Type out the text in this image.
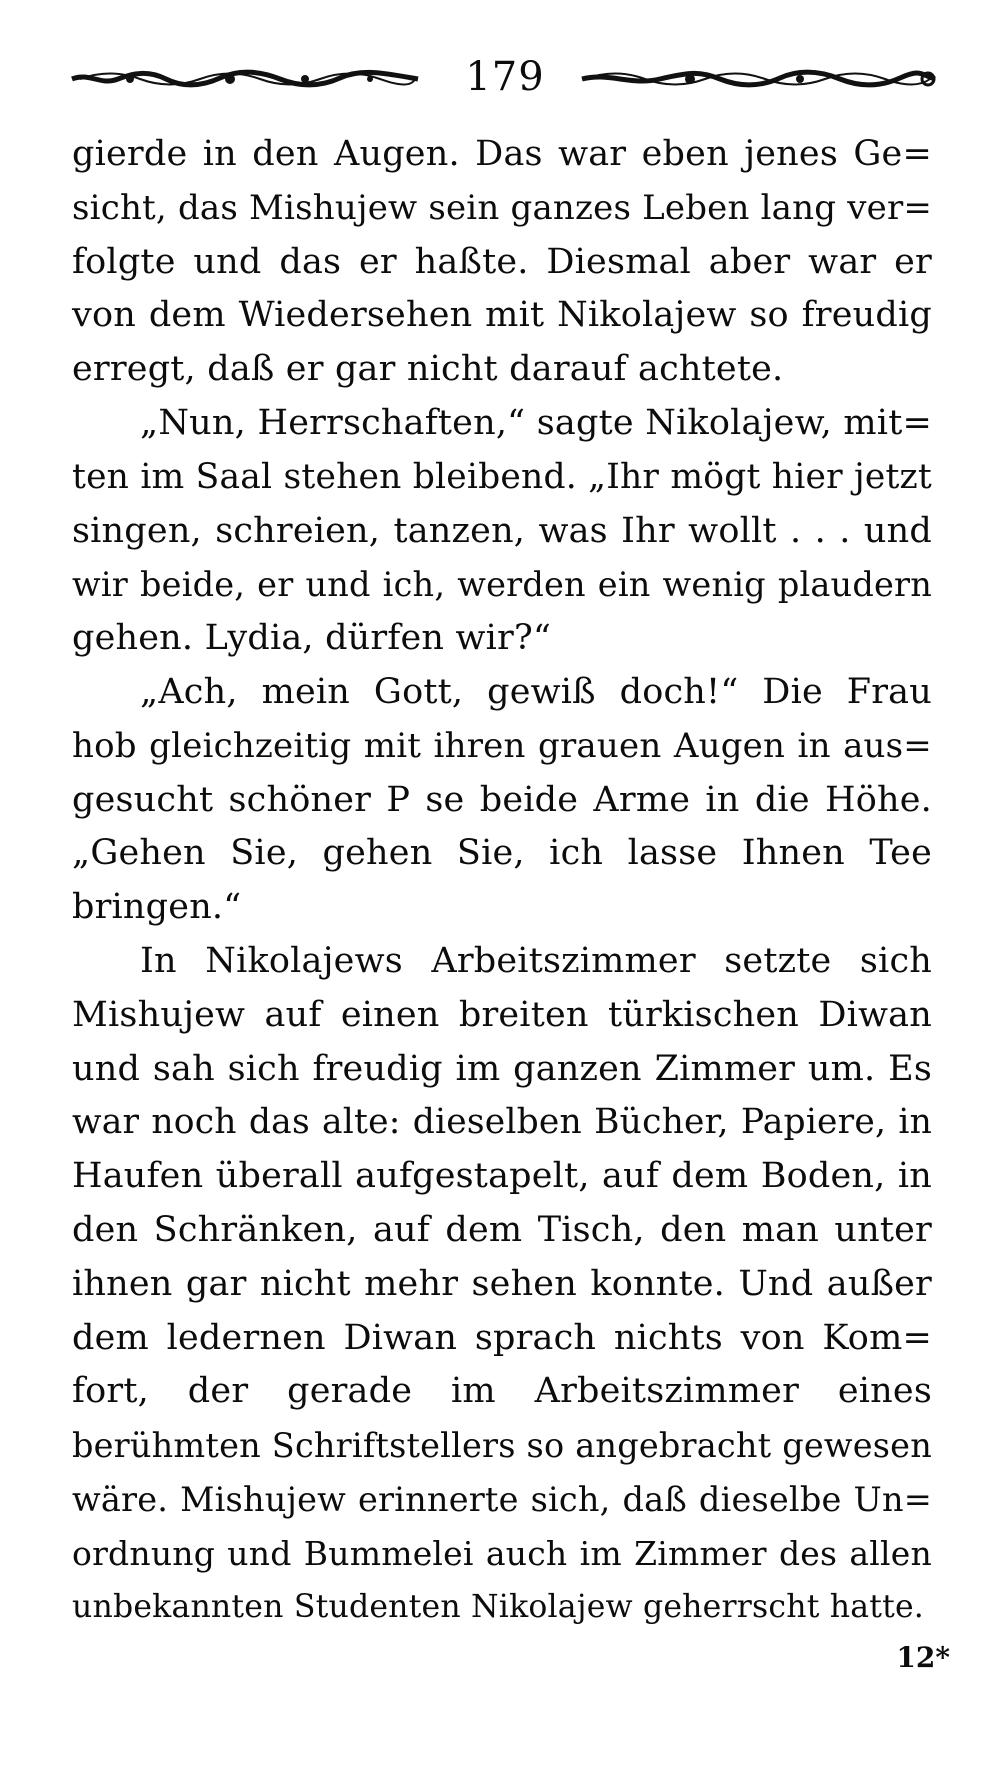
179
gierde in den Augen. Das war eben jenes Ge=
sicht, das Mishujew sein ganzes Leben lang ver=
folgte und das er haßte. Diesmal aber war er
von dem Wiedersehen mit Nikolajew so freudig
erregt, daß er gar nicht darauf achtete.
„Nun, Herrschaften,“ sagte Nikolajew, mit=
ten im Saal stehen bleibend. „Ihr mögt hier jetzt
singen, schreien, tanzen, was Ihr wollt . . . und
wir beide, er und ich, werden ein wenig plaudern
gehen. Lydia, dürfen wir?“
„Ach, mein Gott, gewiß doch!“ Die Frau
hob gleichzeitig mit ihren grauen Augen in aus=
gesucht schöner P se beide Arme in die Höhe.
„Gehen Sie, gehen Sie, ich lasse Ihnen Tee
bringen.“
In Nikolajews Arbeitszimmer setzte sich
Mishujew auf einen breiten türkischen Diwan
und sah sich freudig im ganzen Zimmer um. Es
war noch das alte: dieselben Bücher, Papiere, in
Haufen überall aufgestapelt, auf dem Boden, in
den Schränken, auf dem Tisch, den man unter
ihnen gar nicht mehr sehen konnte. Und außer
dem ledernen Diwan sprach nichts von Kom=
fort, der gerade im Arbeitszimmer eines
berühmten Schriftstellers so angebracht gewesen
wäre. Mishujew erinnerte sich, daß dieselbe Un=
ordnung und Bummelei auch im Zimmer des allen
unbekannten Studenten Nikolajew geherrscht hatte.
12*
